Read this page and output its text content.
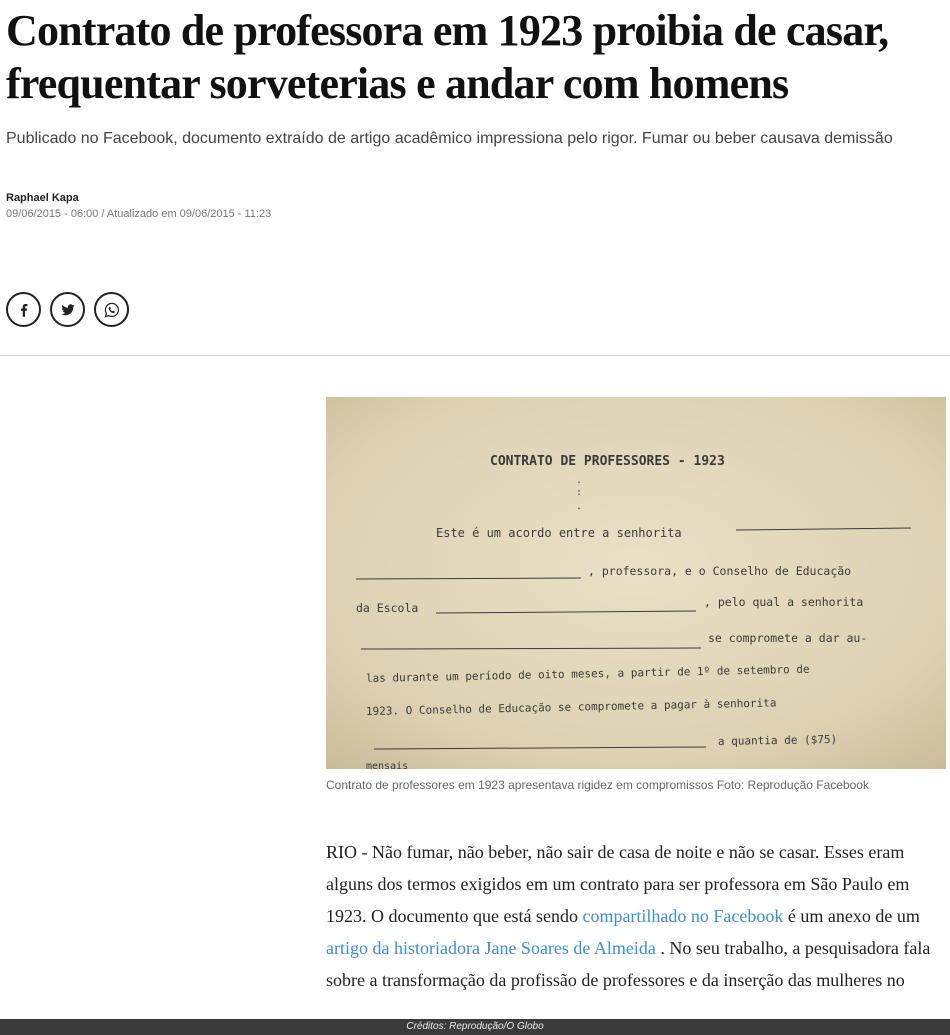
Contrato de professora em 1923 proibia de casar, frequentar sorveterias e andar com homens

Publicado no Facebook, documento extraído de artigo acadêmico impressiona pelo rigor. Fumar ou beber causava demissão

Raphael Kapa
09/06/2015 - 06:00 / Atualizado em 09/06/2015 - 11:23
CONTRATO DE PROFESSORES - 1923
.
:
.
Este é um acordo entre a senhorita
, professora, e o Conselho de Educação
da Escola	, pelo qual a senhorita
se compromete a dar au-
las durante um período de oito meses, a partir de 1º de setembro de
1923. O Conselho de Educação se compromete a pagar à senhorita
a quantia de ($75)
mensais
Contrato de professores em 1923 apresentava rigidez em compromissos Foto: Reprodução Facebook

RIO - Não fumar, não beber, não sair de casa de noite e não se casar. Esses eram alguns dos termos exigidos em um contrato para ser professora em São Paulo em 1923. O documento que está sendo compartilhado no Facebook é um anexo de um artigo da historiadora Jane Soares de Almeida . No seu trabalho, a pesquisadora fala sobre a transformação da profissão de professores e da inserção das mulheres no

Créditos: Reprodução/O Globo
